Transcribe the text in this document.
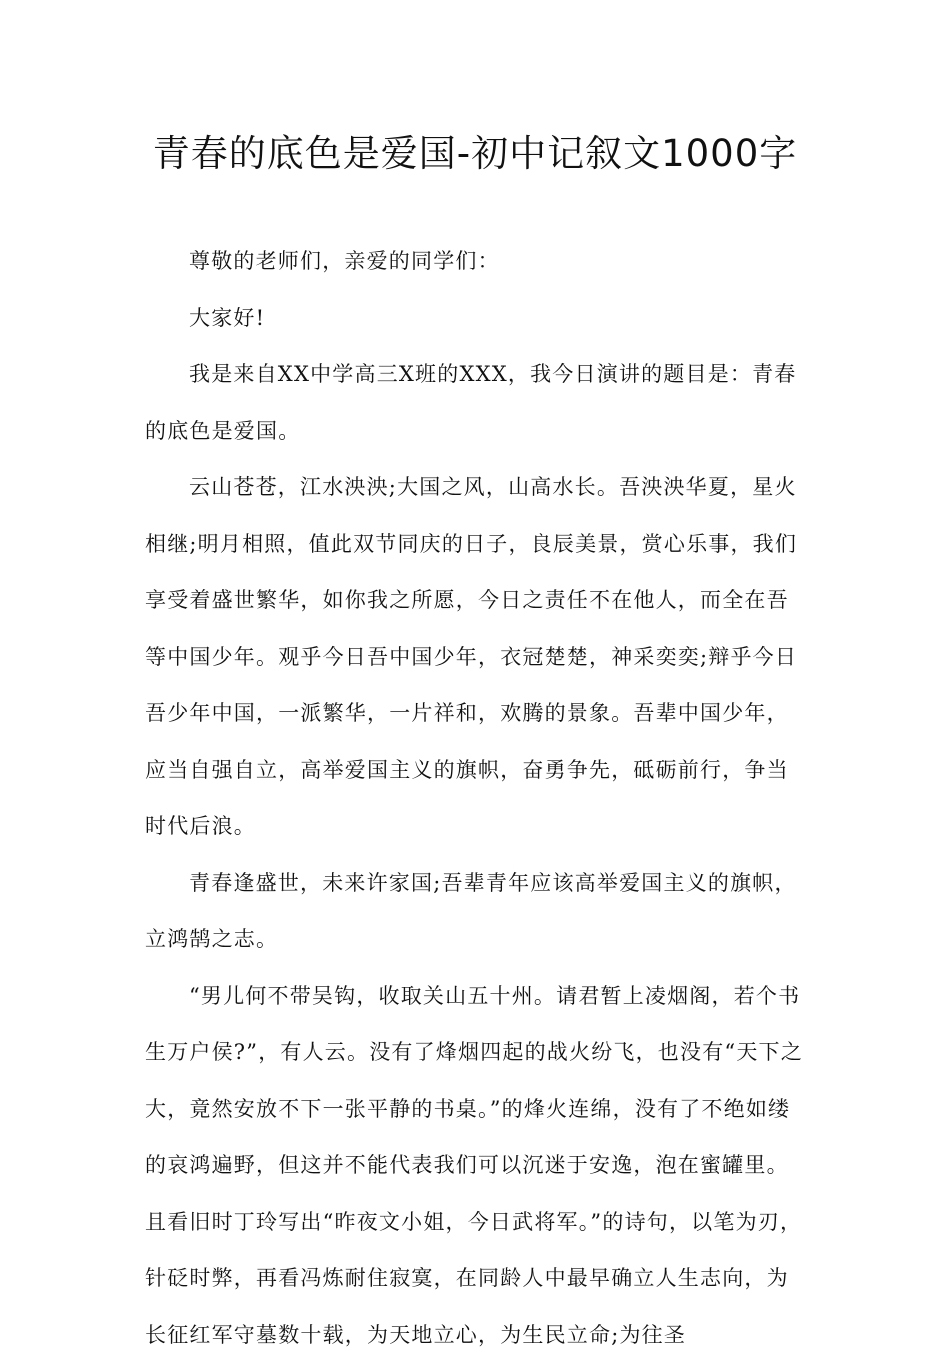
青春的底色是爱国-初中记叙文1000字

尊敬的老师们，亲爱的同学们：

大家好!

我是来自XX中学高三X班的XXX，我今日演讲的题目是：青春的底色是爱国。

云山苍苍，江水泱泱;大国之风，山高水长。吾泱泱华夏，星火相继;明月相照，值此双节同庆的日子，良辰美景，赏心乐事，我们享受着盛世繁华，如你我之所愿，今日之责任不在他人，而全在吾等中国少年。观乎今日吾中国少年，衣冠楚楚，神采奕奕;辩乎今日吾少年中国，一派繁华，一片祥和，欢腾的景象。吾辈中国少年，应当自强自立，高举爱国主义的旗帜，奋勇争先，砥砺前行，争当时代后浪。

青春逢盛世，未来许家国;吾辈青年应该高举爱国主义的旗帜，立鸿鹄之志。

“男儿何不带吴钩，收取关山五十州。请君暂上凌烟阁，若个书生万户侯?”，有人云。没有了烽烟四起的战火纷飞，也没有“天下之大，竟然安放不下一张平静的书桌。”的烽火连绵，没有了不绝如缕的哀鸿遍野，但这并不能代表我们可以沉迷于安逸，泡在蜜罐里。且看旧时丁玲写出“昨夜文小姐，今日武将军。”的诗句，以笔为刃，针砭时弊，再看冯炼耐住寂寞，在同龄人中最早确立人生志向，为长征红军守墓数十载，为天地立心，为生民立命;为往圣
